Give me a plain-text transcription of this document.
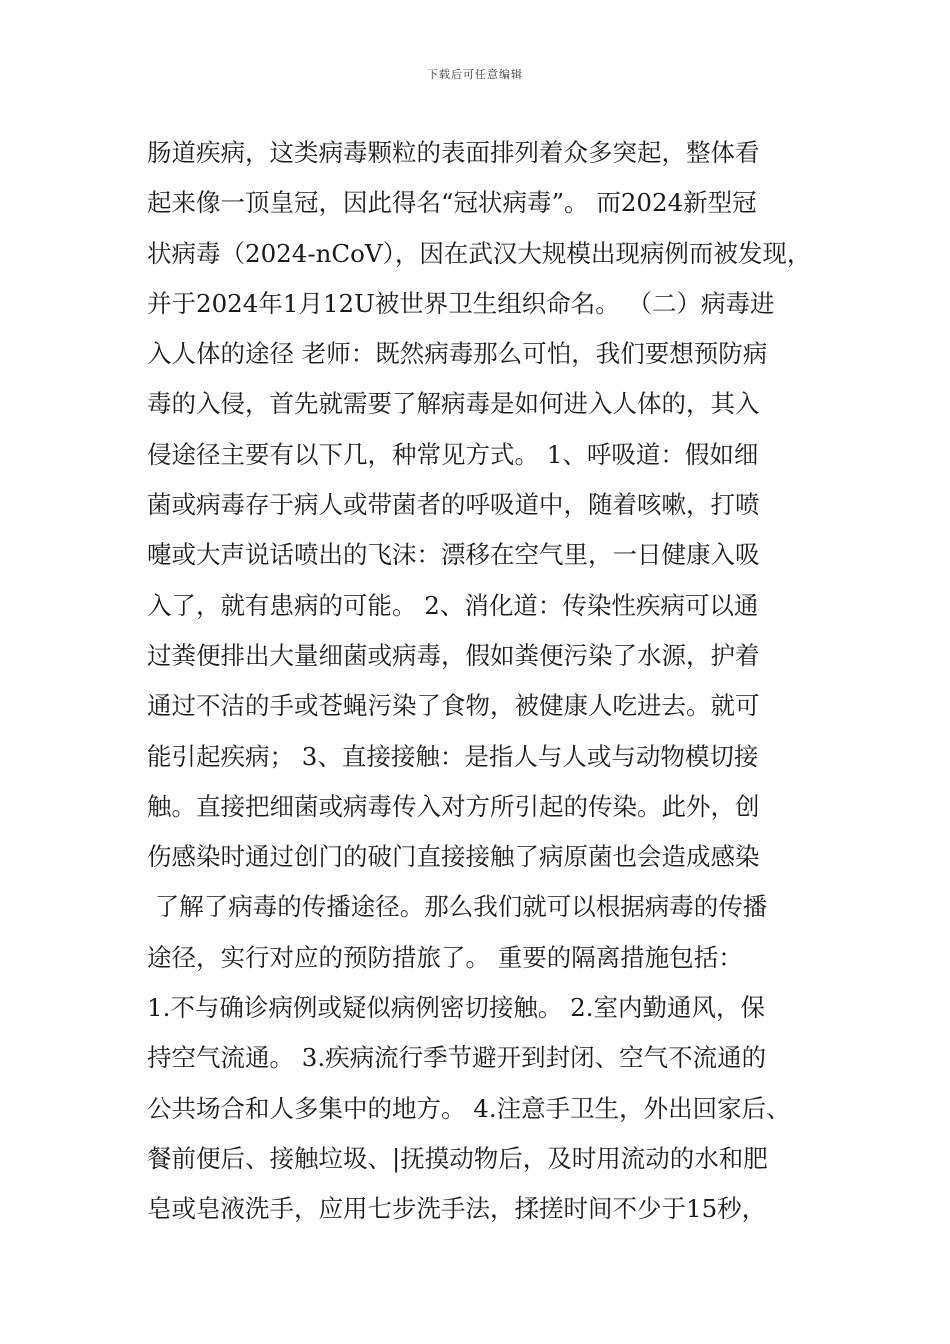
下载后可任意编辑
肠道疾病，这类病毒颗粒的表面排列着众多突起，整体看
起来像一顶皇冠，因此得名“冠状病毒”。 而2024新型冠
状病毒（2024-nCoV），因在武汉大规模出现病例而被发现，
并于2024年1月12U被世界卫生组织命名。 （二）病毒进
入人体的途径 老师：既然病毒那么可怕，我们要想预防病
毒的入侵，首先就需要了解病毒是如何进入人体的，其入
侵途径主要有以下几，种常见方式。 1、呼吸道：假如细
菌或病毒存于病人或带菌者的呼吸道中，随着咳嗽，打喷
嚏或大声说话喷出的飞沫：漂移在空气里，一日健康入吸
入了，就有患病的可能。 2、消化道：传染性疾病可以通
过粪便排出大量细菌或病毒，假如粪便污染了水源，护着
通过不洁的手或苍蝇污染了食物，被健康人吃进去。就可
能引起疾病； 3、直接接触：是指人与人或与动物模切接
触。直接把细菌或病毒传入对方所引起的传染。此外，创
伤感染时通过创门的破门直接接触了病原菌也会造成感染
了解了病毒的传播途径。那么我们就可以根据病毒的传播
途径，实行对应的预防措旅了。 重要的隔离措施包括：
1.不与确诊病例或疑似病例密切接触。 2.室内勤通风，保
持空气流通。 3.疾病流行季节避开到封闭、空气不流通的
公共场合和人多集中的地方。 4.注意手卫生，外出回家后、
餐前便后、接触垃圾、|抚摸动物后，及时用流动的水和肥
皂或皂液洗手，应用七步洗手法，揉搓时间不少于15秒，
